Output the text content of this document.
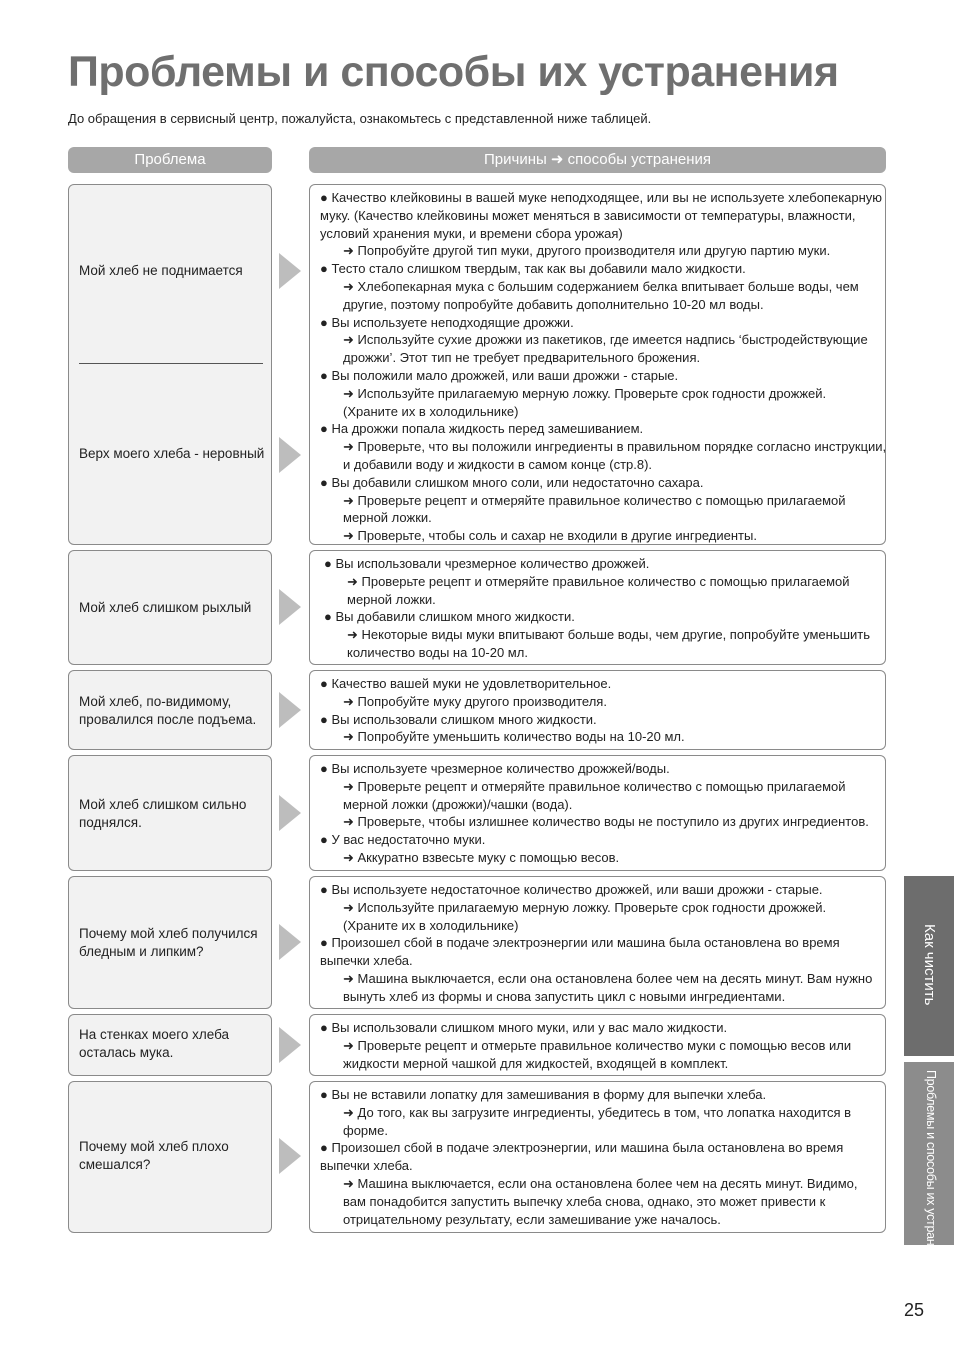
Проблемы и способы их устранения
До обращения в сервисный центр, пожалуйста, ознакомьтесь с представленной ниже таблицей.
Проблема	Причины ➜ способы устранения
Мой хлеб не поднимается
Верх моего хлеба - неровный
● Качество клейковины в вашей муке неподходящее, или вы не используете хлебопекарную
муку. (Качество клейковины может меняться в зависимости от температуры, влажности,
условий хранения муки, и времени сбора урожая)
➜ Попробуйте другой тип муки, другого производителя или другую партию муки.
● Тесто стало слишком твердым, так как вы добавили мало жидкости.
➜ Хлебопекарная мука с большим содержанием белка впитывает больше воды, чем
другие, поэтому попробуйте добавить дополнительно 10-20 мл воды.
● Вы используете неподходящие дрожжи.
➜ Используйте сухие дрожжи из пакетиков, где имеется надпись ‘быстродействующие
дрожжи’. Этот тип не требует предварительного брожения.
● Вы положили мало дрожжей, или ваши дрожжи - старые.
➜ Используйте прилагаемую мерную ложку. Проверьте срок годности дрожжей.
(Храните их в холодильнике)
● На дрожжи попала жидкость перед замешиванием.
➜ Проверьте, что вы положили ингредиенты в правильном порядке согласно инструкции,
и добавили воду и жидкости в самом конце (стр.8).
● Вы добавили слишком много соли, или недостаточно сахара.
➜ Проверьте рецепт и отмеряйте правильное количество с помощью прилагаемой
мерной ложки.
➜ Проверьте, чтобы соль и сахар не входили в другие ингредиенты.
Мой хлеб слишком рыхлый
● Вы использовали чрезмерное количество дрожжей.
➜ Проверьте рецепт и отмеряйте правильное количество с помощью прилагаемой
мерной ложки.
● Вы добавили слишком много жидкости.
➜ Некоторые виды муки впитывают больше воды, чем другие, попробуйте уменьшить
количество воды на 10-20 мл.
Мой хлеб, по-видимому,
провалился после подъема.
● Качество вашей муки не удовлетворительное.
➜ Попробуйте муку другого производителя.
● Вы использовали слишком много жидкости.
➜ Попробуйте уменьшить количество воды на 10-20 мл.
Мой хлеб слишком сильно
поднялся.
● Вы используете чрезмерное количество дрожжей/воды.
➜ Проверьте рецепт и отмеряйте правильное количество с помощью прилагаемой
мерной ложки (дрожжи)/чашки (вода).
➜ Проверьте, чтобы излишнее количество воды не поступило из других ингредиентов.
● У вас недостаточно муки.
➜ Аккуратно взвесьте муку с помощью весов.
Почему мой хлеб получился
бледным и липким?
● Вы используете недостаточное количество дрожжей, или ваши дрожжи - старые.
➜ Используйте прилагаемую мерную ложку. Проверьте срок годности дрожжей.
(Храните их в холодильнике)
● Произошел сбой в подаче электроэнергии или машина была остановлена во время
выпечки хлеба.
➜ Машина выключается, если она остановлена более чем на десять минут. Вам нужно
вынуть хлеб из формы и снова запустить цикл с новыми ингредиентами.
На стенках моего хлеба
осталась мука.
● Вы использовали слишком много муки, или у вас мало жидкости.
➜ Проверьте рецепт и отмерьте правильное количество муки с помощью весов или
жидкости мерной чашкой для жидкостей, входящей в комплект.
Почему мой хлеб плохо
смешался?
● Вы не вставили лопатку для замешивания в форму для выпечки хлеба.
➜ До того, как вы загрузите ингредиенты, убедитесь в том, что лопатка находится в
форме.
● Произошел сбой в подаче электроэнергии, или машина была остановлена во время
выпечки хлеба.
➜ Машина выключается, если она остановлена более чем на десять минут. Видимо,
вам понадобится запустить выпечку хлеба снова, однако, это может привести к
отрицательному результату, если замешивание уже началось.
Как чистить
Проблемы и способы их устранения
25
